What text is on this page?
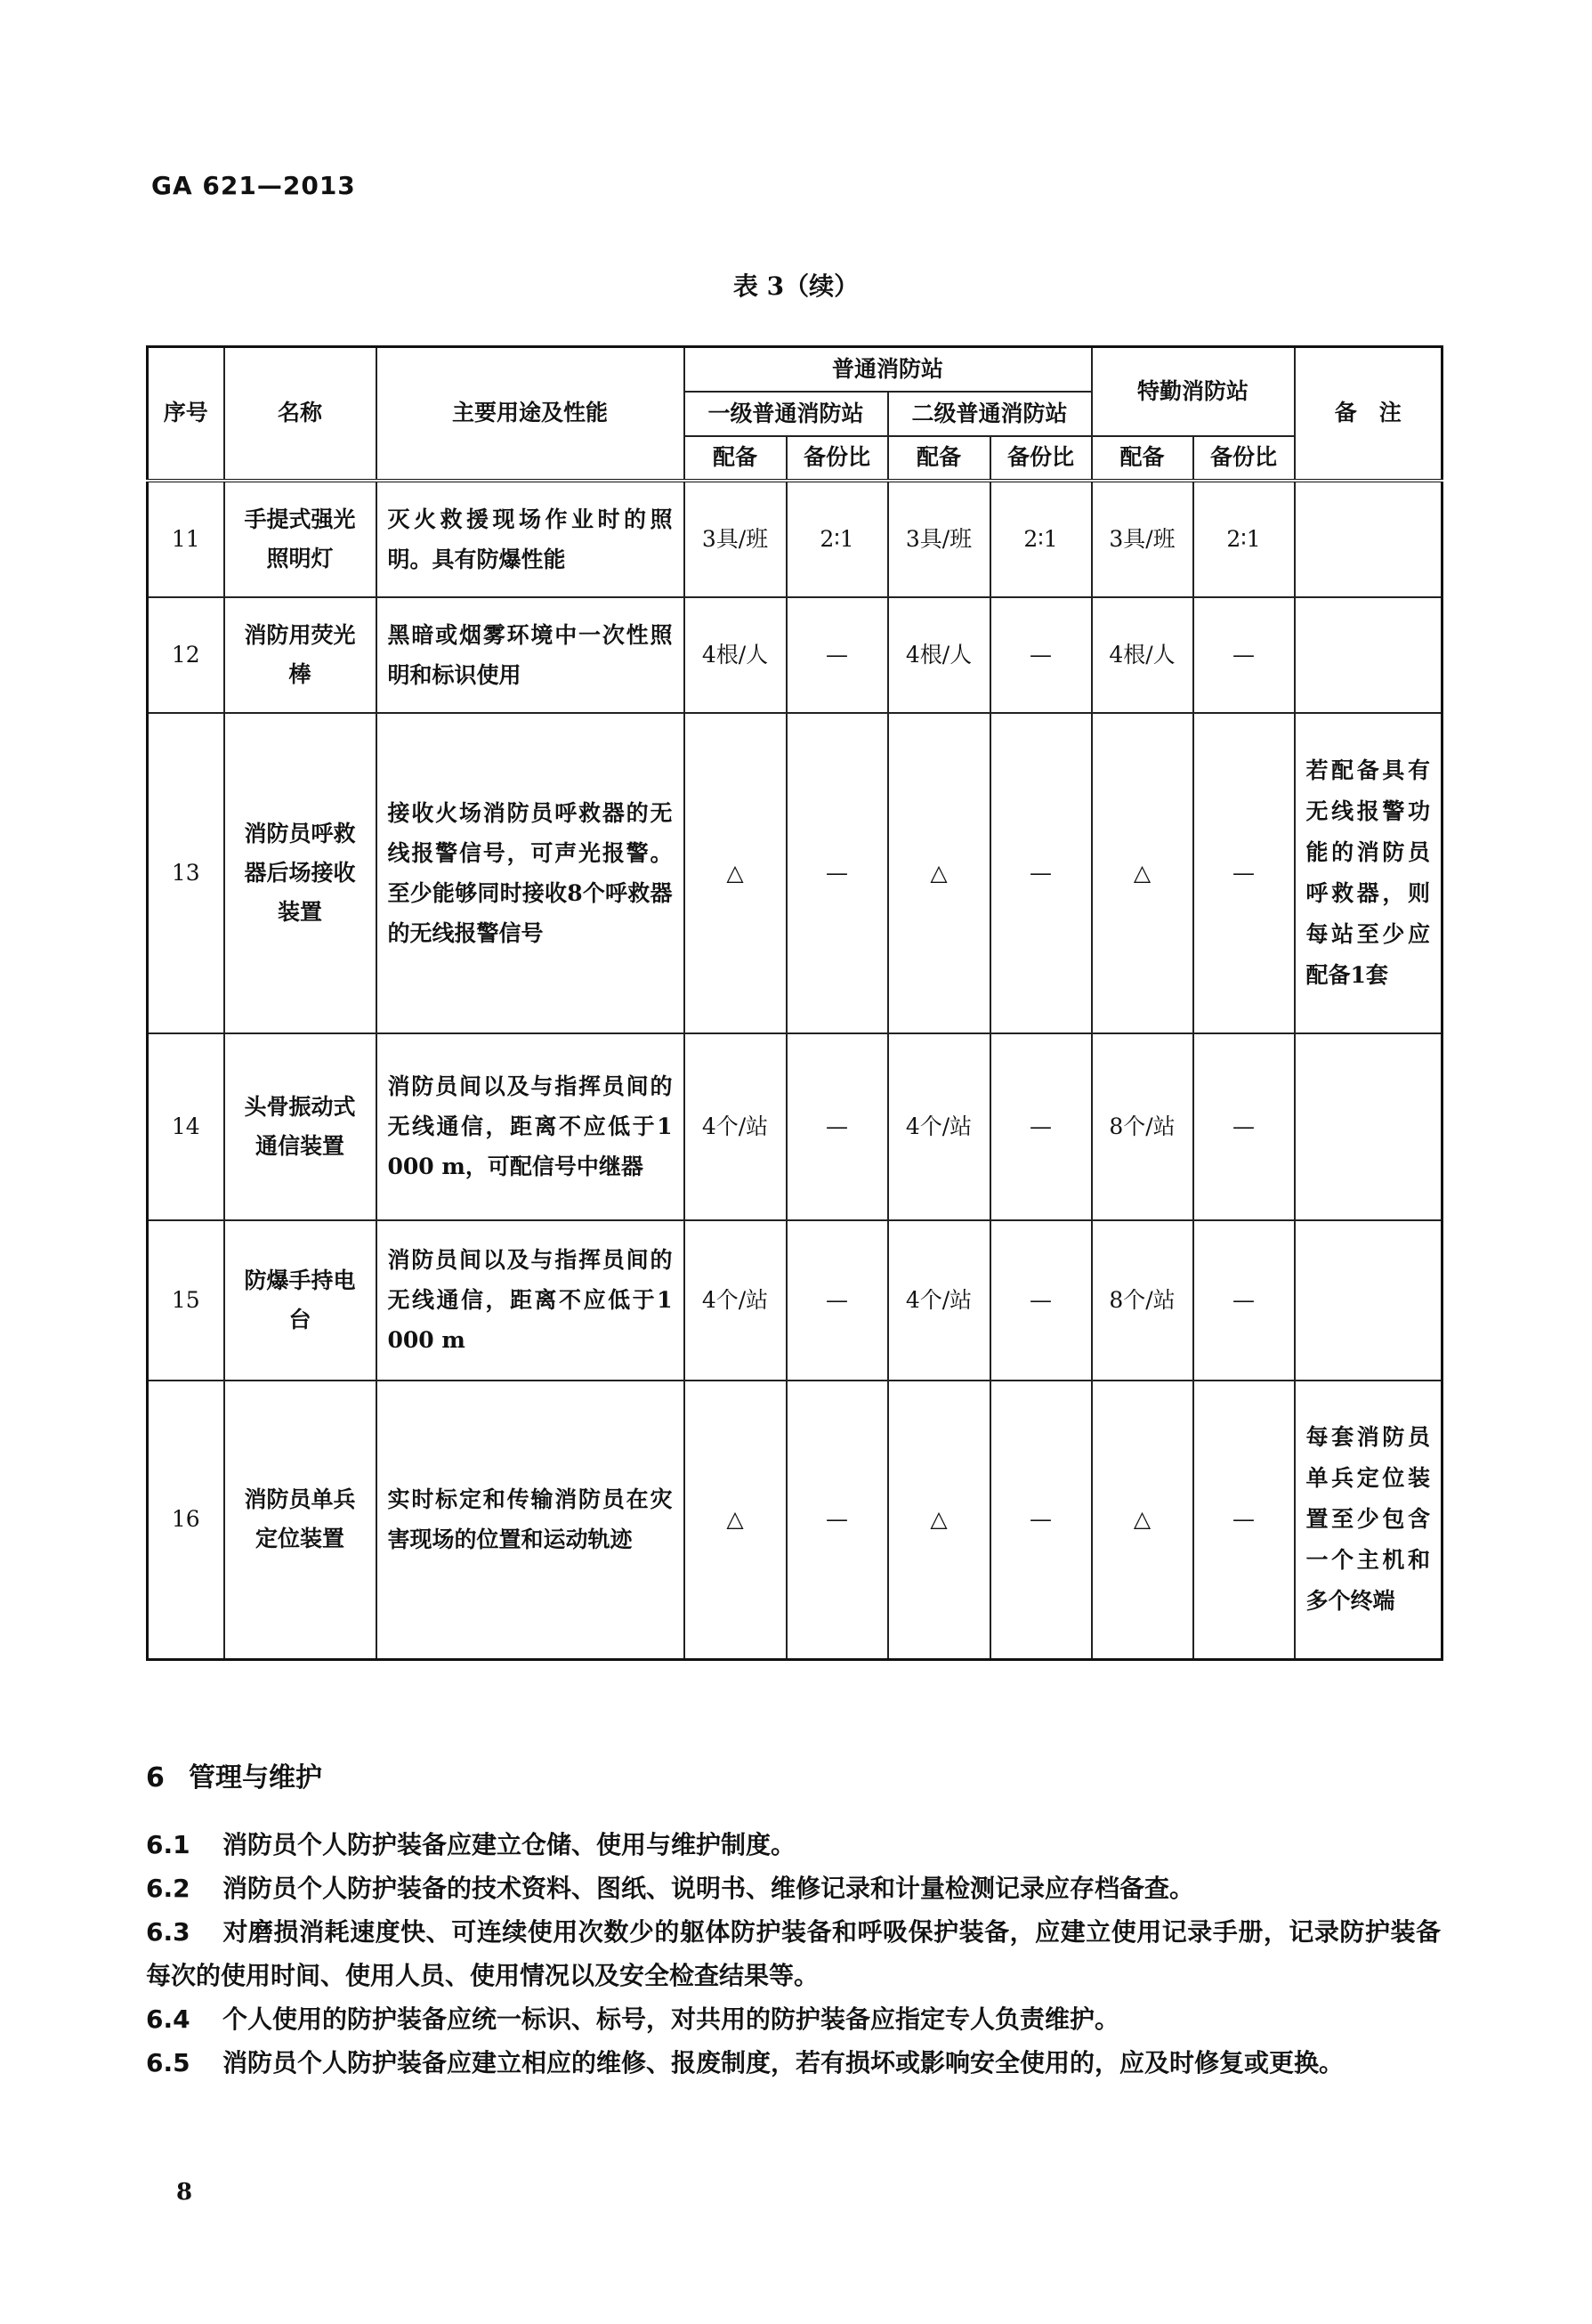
GA 621—2013
表 3（续）
序号	名称	主要用途及性能	普通消防站				特勤消防站		备　注
			一级普通消防站		二级普通消防站				
			配备	备份比	配备	备份比	配备	备份比	
11	手提式强光照明灯	灭火救援现场作业时的照明。具有防爆性能	3具/班	2∶1	3具/班	2∶1	3具/班	2∶1	
12	消防用荧光棒	黑暗或烟雾环境中一次性照明和标识使用	4根/人	—	4根/人	—	4根/人	—	
13	消防员呼救器后场接收装置	接收火场消防员呼救器的无线报警信号，可声光报警。至少能够同时接收8个呼救器的无线报警信号	△	—	△	—	△	—	若配备具有无线报警功能的消防员呼救器，则每站至少应配备1套
14	头骨振动式通信装置	消防员间以及与指挥员间的无线通信，距离不应低于1 000 m，可配信号中继器	4个/站	—	4个/站	—	8个/站	—	
15	防爆手持电台	消防员间以及与指挥员间的无线通信，距离不应低于1 000 m	4个/站	—	4个/站	—	8个/站	—	
16	消防员单兵定位装置	实时标定和传输消防员在灾害现场的位置和运动轨迹	△	—	△	—	△	—	每套消防员单兵定位装置至少包含一个主机和多个终端
6 管理与维护

6.1 消防员个人防护装备应建立仓储、使用与维护制度。

6.2 消防员个人防护装备的技术资料、图纸、说明书、维修记录和计量检测记录应存档备查。

6.3 对磨损消耗速度快、可连续使用次数少的躯体防护装备和呼吸保护装备，应建立使用记录手册，记录防护装备每次的使用时间、使用人员、使用情况以及安全检查结果等。

6.4 个人使用的防护装备应统一标识、标号，对共用的防护装备应指定专人负责维护。

6.5 消防员个人防护装备应建立相应的维修、报废制度，若有损坏或影响安全使用的，应及时修复或更换。

8
